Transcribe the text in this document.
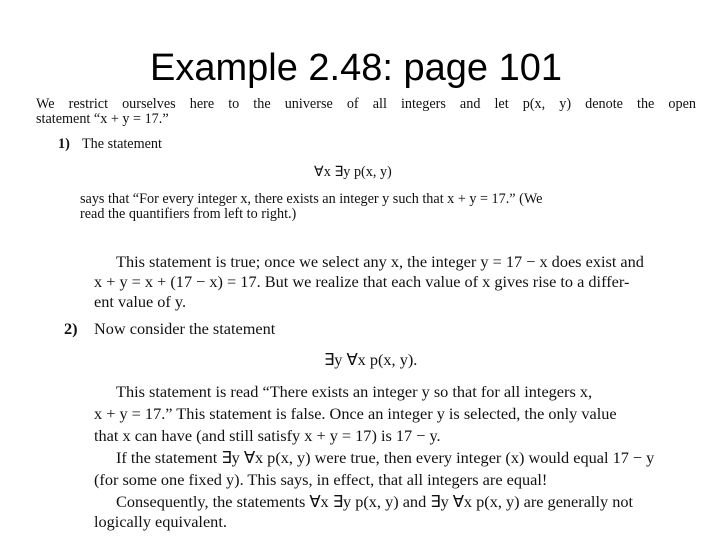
Example 2.48: page 101
We restrict ourselves here to the universe of all integers and let p(x, y) denote the open
statement “x + y = 17.”
1) The statement
∀x ∃y p(x, y)
says that “For every integer x, there exists an integer y such that x + y = 17.” (We
read the quantifiers from left to right.)
This statement is true; once we select any x, the integer y = 17 − x does exist and
x + y = x + (17 − x) = 17. But we realize that each value of x gives rise to a differ-
ent value of y.
2) Now consider the statement
∃y ∀x p(x, y).
This statement is read “There exists an integer y so that for all integers x,
x + y = 17.” This statement is false. Once an integer y is selected, the only value
that x can have (and still satisfy x + y = 17) is 17 − y.
If the statement ∃y ∀x p(x, y) were true, then every integer (x) would equal 17 − y
(for some one fixed y). This says, in effect, that all integers are equal!
Consequently, the statements ∀x ∃y p(x, y) and ∃y ∀x p(x, y) are generally not
logically equivalent.
